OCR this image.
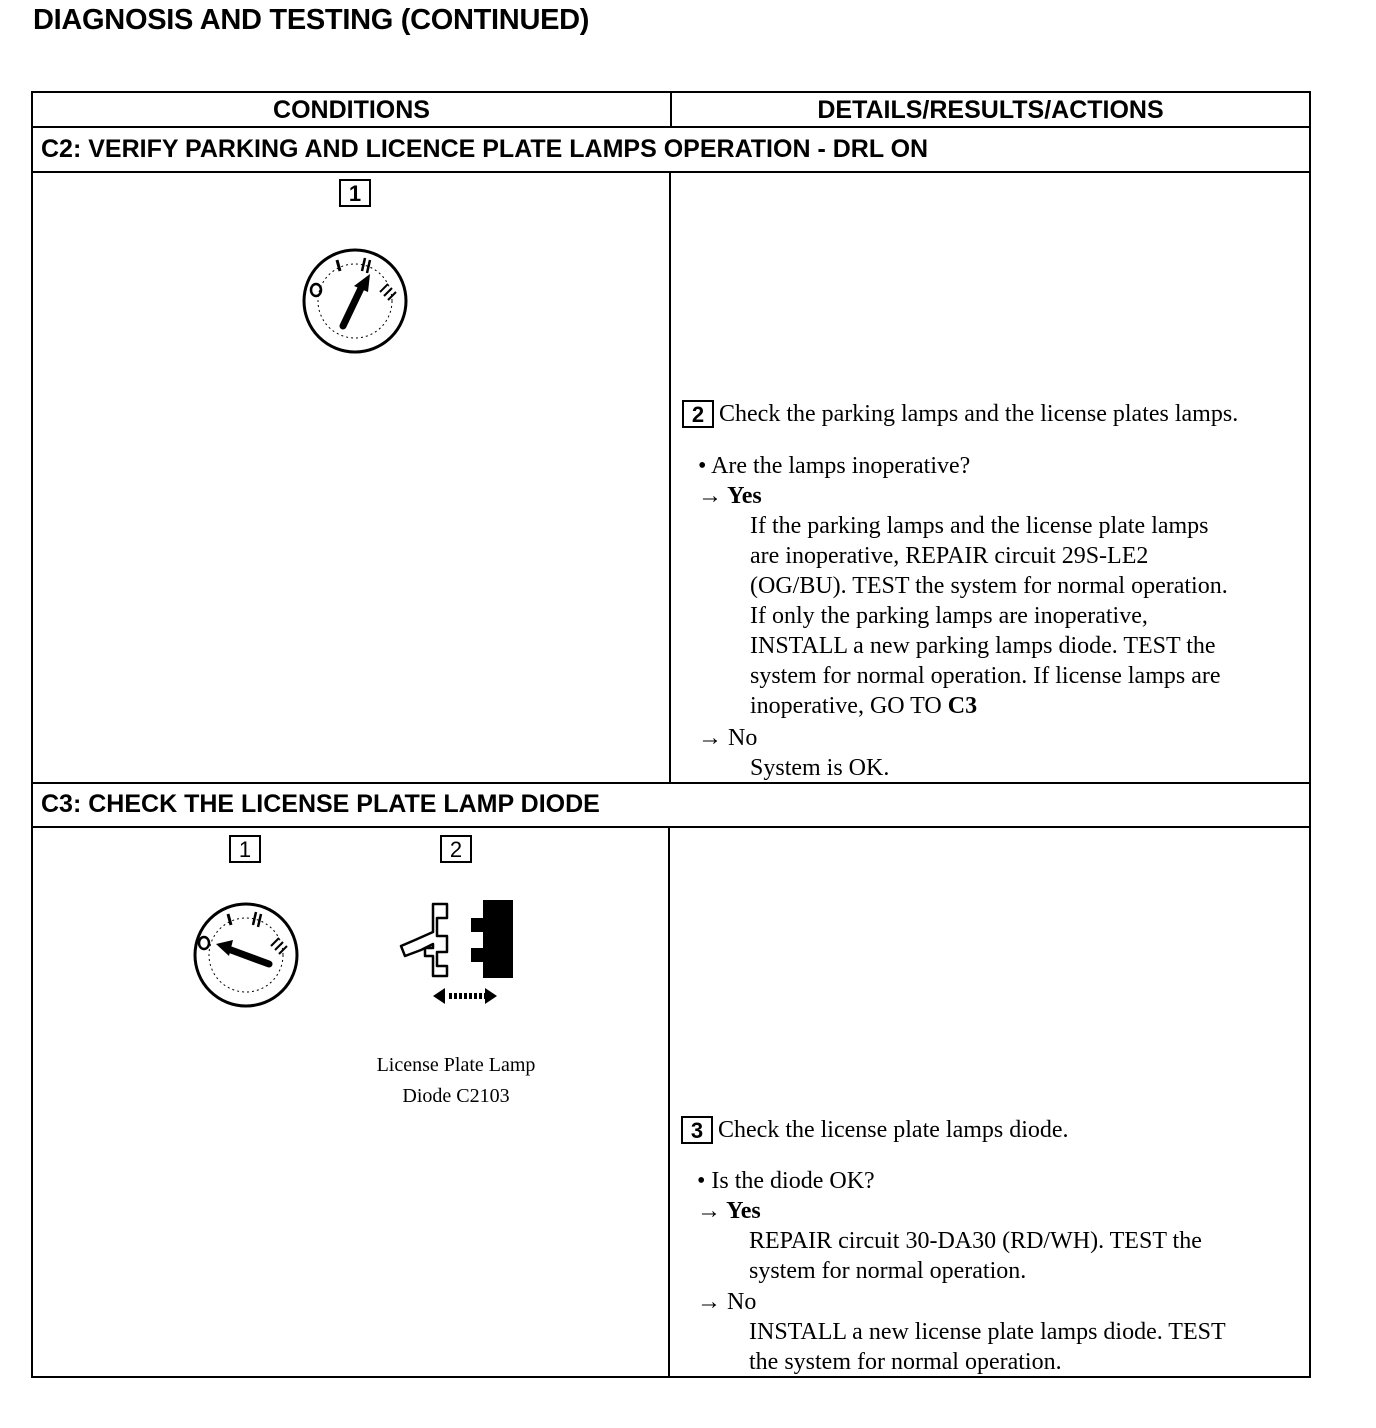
DIAGNOSIS AND TESTING (CONTINUED)
CONDITIONS	DETAILS/RESULTS/ACTIONS
C2: VERIFY PARKING AND LICENCE PLATE LAMPS OPERATION - DRL ON
1
2 Check the parking lamps and the license plates lamps.
• Are the lamps inoperative?
→ Yes
If the parking lamps and the license plate lamps
are inoperative, REPAIR circuit 29S-LE2
(OG/BU). TEST the system for normal operation.
If only the parking lamps are inoperative,
INSTALL a new parking lamps diode. TEST the
system for normal operation. If license lamps are
inoperative, GO TO C3
→ No
System is OK.
C3: CHECK THE LICENSE PLATE LAMP DIODE
1	2
License Plate Lamp
Diode C2103
3 Check the license plate lamps diode.
• Is the diode OK?
→ Yes
REPAIR circuit 30-DA30 (RD/WH). TEST the
system for normal operation.
→ No
INSTALL a new license plate lamps diode. TEST
the system for normal operation.
